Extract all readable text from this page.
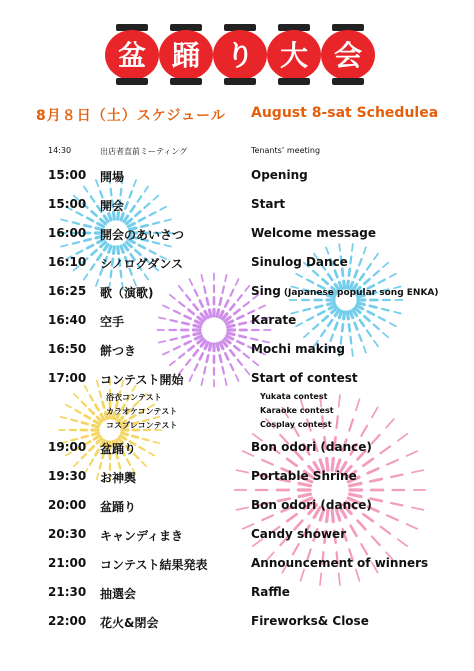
盆 踊 り 大 会
8月８日（土）スケジュール August 8-sat Schedulea
14:30	出店者直前ミーティング	Tenants’ meeting
15:00 開場	Opening
15:00 開会	Start
16:00 開会のあいさつ	Welcome message
16:10 シノログダンス	Sinulog Dance
16:25 歌（演歌)	Sing (Japanese popular song ENKA)
16:40 空手	Karate
16:50 餅つき	Mochi making
17:00 コンテスト開始	Start of contest
19:00 盆踊り	Bon odori (dance)
19:30 お神輿	Portable Shrine
20:00 盆踊り	Bon odori (dance)
20:30 キャンディまき	Candy shower
21:00 コンテスト結果発表	Announcement of winners
21:30 抽選会	Raffle
22:00 花火&閉会	Fireworks& Close
浴衣コンテスト	Yukata contest
カラオケコンテスト	Karaoke contest
コスプレコンテスト	Cosplay contest
